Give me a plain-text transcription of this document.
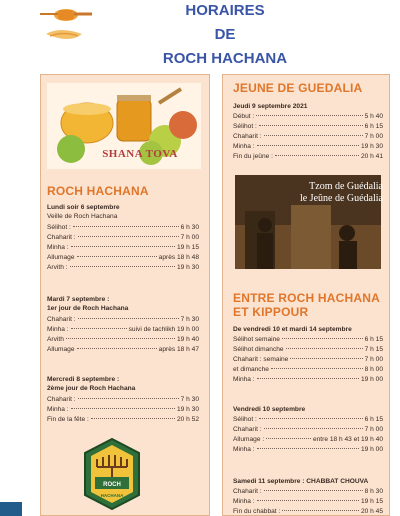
HORAIRES
DE
ROCH HACHANA
SHANA TOVA
ROCH HACHANA
Lundi soir 6 septembre
Veille de Roch Hachana
Sélihot :	6 h 30
Chaharit :	7 h 00
Minha :	19 h 15
Allumage	après 18 h 48
Arvith :	19 h 30
Mardi 7 septembre :
1er jour de Roch Hachana
Chaharit :	7 h 30
Minha :	suivi de tachlikh 19 h 00
Arvith	19 h 40
Allumage	après 18 h 47
Mercredi 8 septembre :
2ème jour de Roch Hachana
Chaharit :	7 h 30
Minha :	19 h 30
Fin de la fête :	20 h 52
ROCH
HACHANA
JEUNE DE GUEDALIA
Jeudi 9 septembre 2021
Début :	5 h 40
Sélihot :	6 h 15
Chaharit :	7 h 00
Minha :	19 h 30
Fin du jeûne :	20 h 41
Tzom de Guédalia
le Jeûne de Guédalia
ENTRE ROCH HACHANA
ET KIPPOUR
De vendredi 10 et mardi 14 septembre
Sélihot semaine	6 h 15
Sélihot dimanche	7 h 15
Chaharit : semaine	7 h 00
et dimanche	8 h 00
Minha :	19 h 00
Vendredi 10 septembre
Sélihot :	6 h 15
Chaharit :	7 h 00
Allumage :	entre 18 h 43 et 19 h 40
Minha :	19 h 00
Samedi 11 septembre : CHABBAT CHOUVA
Chaharit :	8 h 30
Minha :	19 h 15
Fin du chabbat :	20 h 45
